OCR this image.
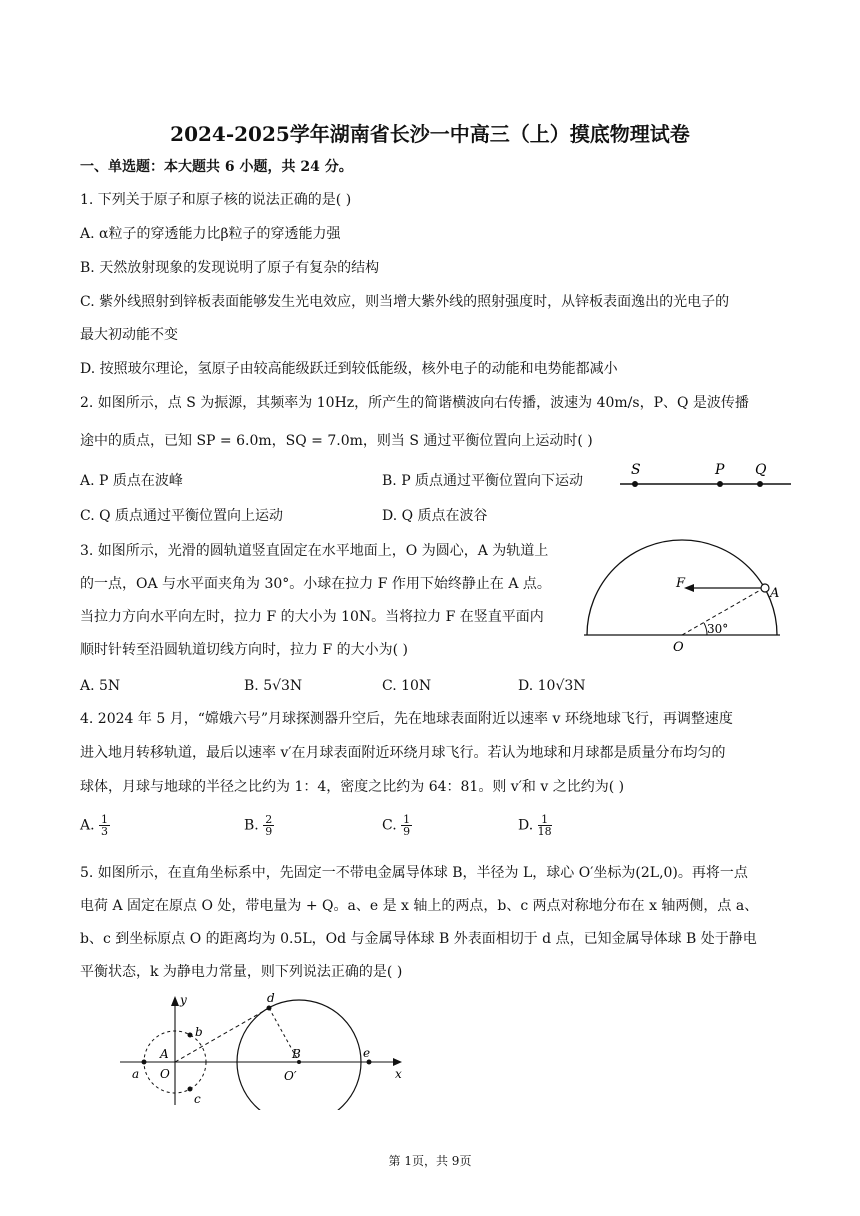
2024-2025学年湖南省长沙一中高三（上）摸底物理试卷
一、单选题：本大题共 6 小题，共 24 分。
1. 下列关于原子和原子核的说法正确的是( )
A. α粒子的穿透能力比β粒子的穿透能力强
B. 天然放射现象的发现说明了原子有复杂的结构
C. 紫外线照射到锌板表面能够发生光电效应，则当增大紫外线的照射强度时，从锌板表面逸出的光电子的
最大初动能不变
D. 按照玻尔理论，氢原子由较高能级跃迁到较低能级，核外电子的动能和电势能都减小
2. 如图所示，点 S 为振源，其频率为 10Hz，所产生的简谐横波向右传播，波速为 40m/s，P、Q 是波传播
途中的质点，已知 SP = 6.0m，SQ = 7.0m，则当 S 通过平衡位置向上运动时( )
A. P 质点在波峰	B. P 质点通过平衡位置向下运动
C. Q 质点通过平衡位置向上运动	D. Q 质点在波谷
S	P Q
3. 如图所示，光滑的圆轨道竖直固定在水平地面上，O 为圆心，A 为轨道上
的一点，OA 与水平面夹角为 30°。小球在拉力 F 作用下始终静止在 A 点。
当拉力方向水平向左时，拉力 F 的大小为 10N。当将拉力 F 在竖直平面内
顺时针转至沿圆轨道切线方向时，拉力 F 的大小为( )
A. 5N	B. 5√3N	C. 10N	D. 10√3N
F
A
O
30°
4. 2024 年 5 月，“嫦娥六号”月球探测器升空后，先在地球表面附近以速率 v 环绕地球飞行，再调整速度
进入地月转移轨道，最后以速率 v′在月球表面附近环绕月球飞行。若认为地球和月球都是质量分布均匀的
球体，月球与地球的半径之比约为 1：4，密度之比约为 64：81。则 v′和 v 之比约为( )
A. $\frac{1}{3}$	B. $\frac{2}{9}$	C. $\frac{1}{9}$	D. $\frac{1}{18}$
5. 如图所示，在直角坐标系中，先固定一不带电金属导体球 B，半径为 L，球心 O′坐标为(2L,0)。再将一点
电荷 A 固定在原点 O 处，带电量为 + Q。a、e 是 x 轴上的两点，b、c 两点对称地分布在 x 轴两侧，点 a、
b、c 到坐标原点 O 的距离均为 0.5L，Od 与金属导体球 B 外表面相切于 d 点，已知金属导体球 B 处于静电
平衡状态，k 为静电力常量，则下列说法正确的是( )
y
x
a
b
c
d
e
A
O
B
O′
第 1页，共 9页
